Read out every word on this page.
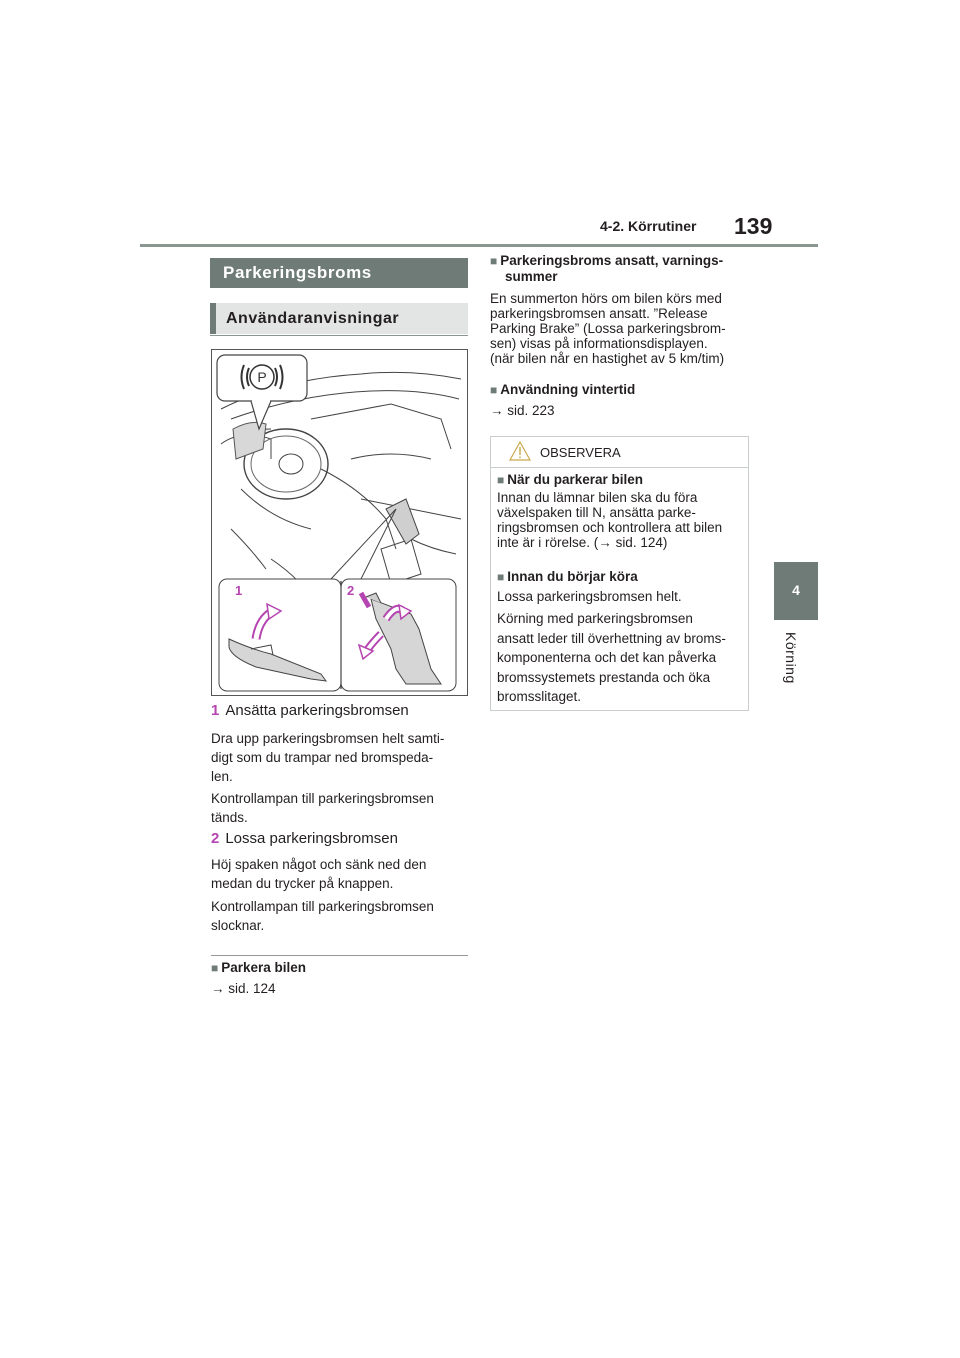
4-2. Körrutiner 139
4
Körning
Parkeringsbroms
Användaranvisningar
P
1	2
1 Ansätta parkeringsbromsen
Dra upp parkeringsbromsen helt samti-
digt som du trampar ned bromspeda-
len.
Kontrollampan till parkeringsbromsen
tänds.
2 Lossa parkeringsbromsen
Höj spaken något och sänk ned den
medan du trycker på knappen.
Kontrollampan till parkeringsbromsen
slocknar.
■ Parkera bilen
→ sid. 124
■ Parkeringsbroms ansatt, varnings-
summer
En summerton hörs om bilen körs med
parkeringsbromsen ansatt. ”Release
Parking Brake” (Lossa parkeringsbrom-
sen) visas på informationsdisplayen.
(när bilen når en hastighet av 5 km/tim)
■ Användning vintertid
→ sid. 223
OBSERVERA
■ När du parkerar bilen
Innan du lämnar bilen ska du föra
växelspaken till N, ansätta parke-
ringsbromsen och kontrollera att bilen
inte är i rörelse. (→ sid. 124)
■ Innan du börjar köra
Lossa parkeringsbromsen helt.
Körning med parkeringsbromsen
ansatt leder till överhettning av broms-
komponenterna och det kan påverka
bromssystemets prestanda och öka
bromsslitaget.
